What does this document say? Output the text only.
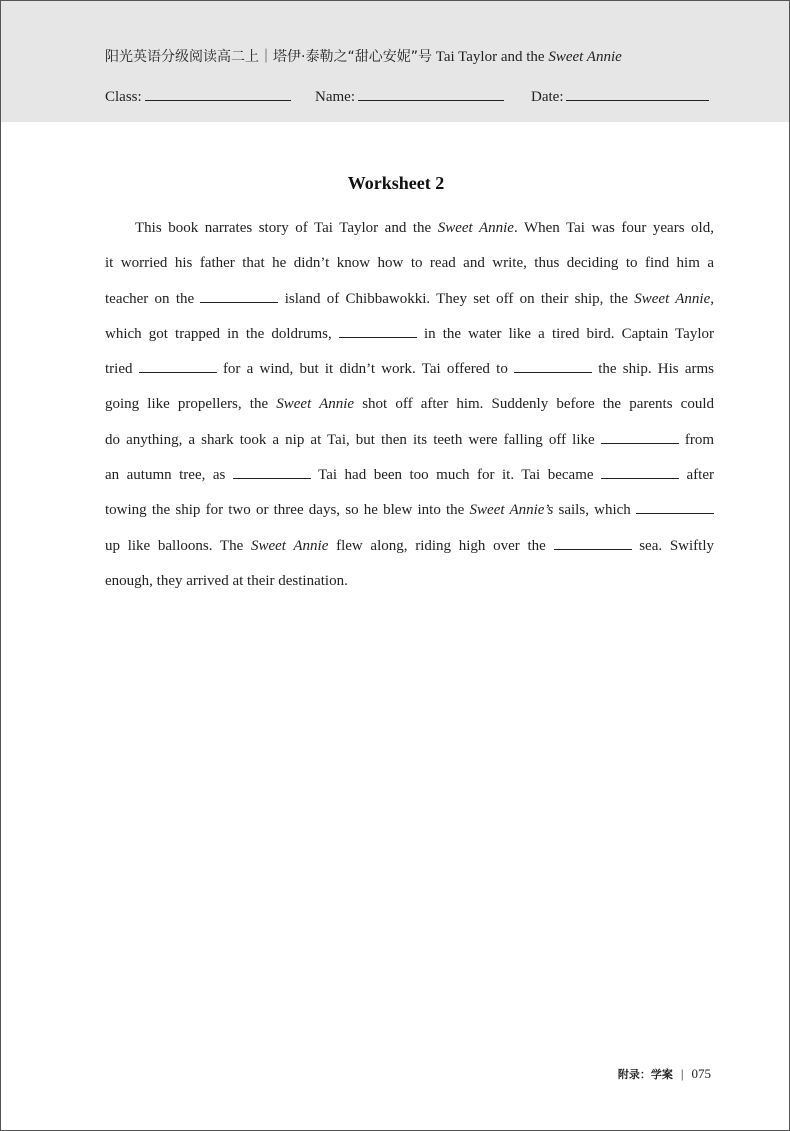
阳光英语分级阅读高二上｜塔伊·泰勒之“甜心安妮”号 Tai Taylor and the Sweet Annie
Class:	Name:	Date:
Worksheet 2
This book narrates story of Tai Taylor and the Sweet Annie. When Tai was four years old,
it worried his father that he didn’t know how to read and write, thus deciding to find him a
teacher on the	island of Chibbawokki. They set off on their ship, the Sweet Annie,
which got trapped in the doldrums,	in the water like a tired bird. Captain Taylor
tried	for a wind, but it didn’t work. Tai offered to	the ship. His arms
going like propellers, the Sweet Annie shot off after him. Suddenly before the parents could
do anything, a shark took a nip at Tai, but then its teeth were falling off like	from
an autumn tree, as	Tai had been too much for it. Tai became	after
towing the ship for two or three days, so he blew into the Sweet Annie’s sails, which
up like balloons. The Sweet Annie flew along, riding high over the	sea. Swiftly
enough, they arrived at their destination.
附录：学案 | 075
